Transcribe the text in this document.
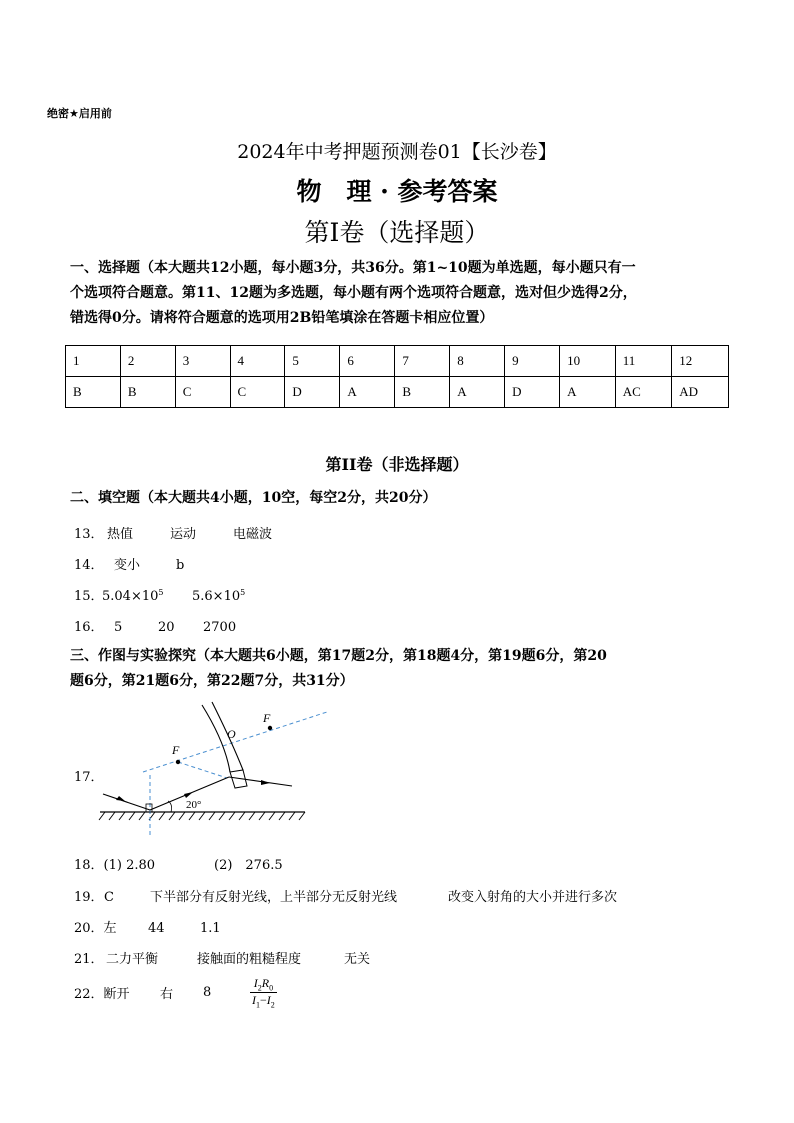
绝密★启用前
2024年中考押题预测卷01【长沙卷】
物　理 · 参考答案
第Ⅰ卷（选择题）
一、选择题（本大题共12小题，每小题3分，共36分。第1~10题为单选题，每小题只有一
个选项符合题意。第11、12题为多选题，每小题有两个选项符合题意，选对但少选得2分，
错选得0分。请将符合题意的选项用2B铅笔填涂在答题卡相应位置）
1	2	3	4	5	6	7	8	9	10	11	12
B	B	C	C	D	A	B	A	D	A	AC	AD
第II卷（非选择题）
二、填空题（本大题共4小题，10空，每空2分，共20分）
13． 热值	运动	电磁波
14． 变小	b
15．$5.04\times 10^5$ $5.6\times 10^5$
16． 5	20 2700
三、作图与实验探究（本大题共6小题，第17题2分，第18题4分，第19题6分，第20
题6分，第21题6分，第22题7分，共31分）
17．
F
F
O
20°
18．(1) 2.80	(2)　276.5
19．C	下半部分有反射光线，上半部分无反射光线	改变入射角的大小并进行多次
20．左 44	1.1
21． 二力平衡	接触面的粗糙程度	无关
22．断开 右 8	$\frac{I_2R_0}{I_1-I_2}$
